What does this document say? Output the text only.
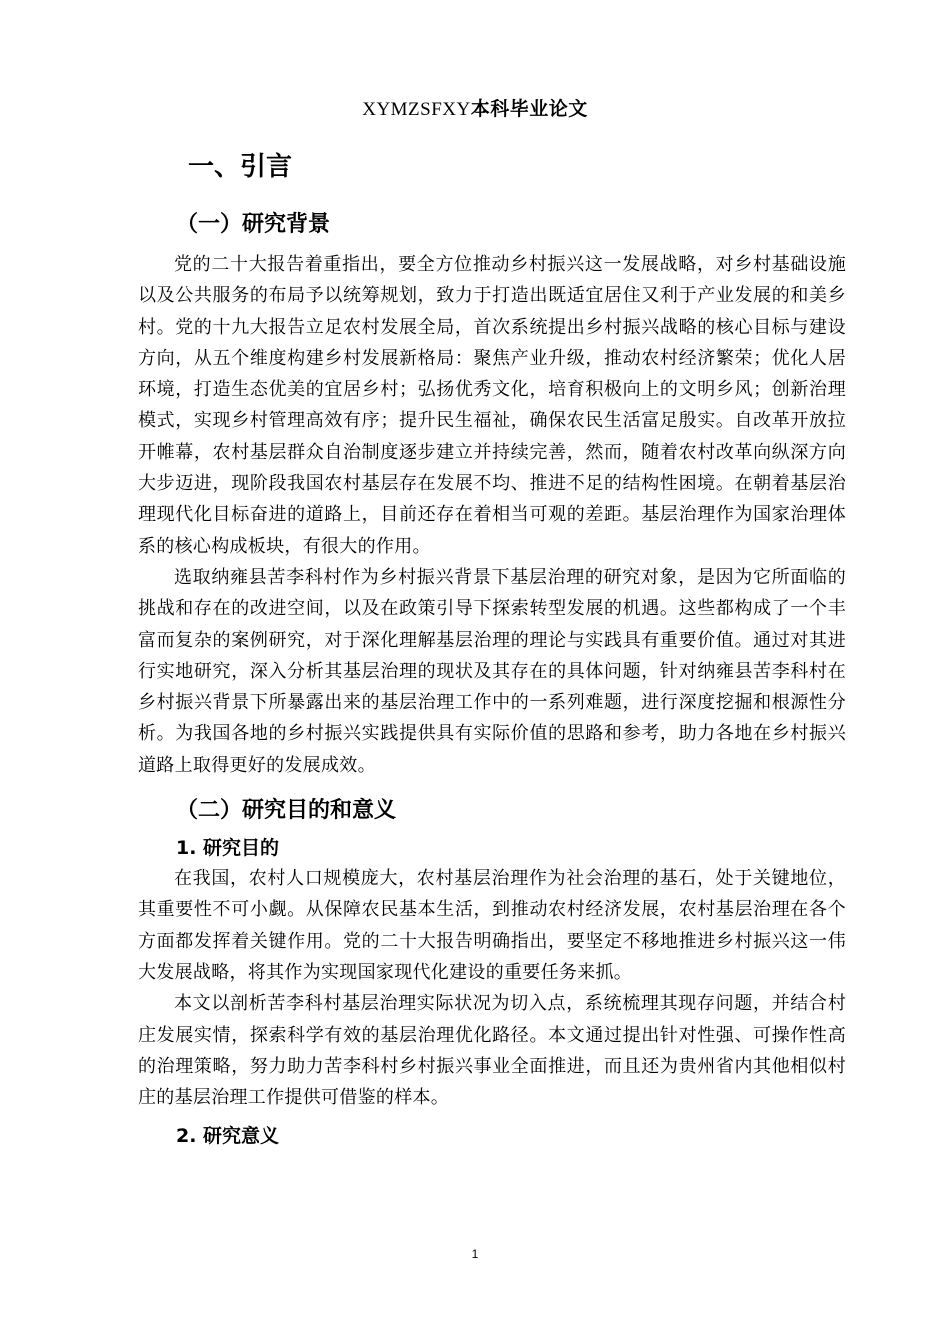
XYMZSFXY本科毕业论文
一、引言
（一）研究背景

党的二十大报告着重指出，要全方位推动乡村振兴这一发展战略，对乡村基础设施以及公共服务的布局予以统筹规划，致力于打造出既适宜居住又利于产业发展的和美乡村。党的十九大报告立足农村发展全局，首次系统提出乡村振兴战略的核心目标与建设方向，从五个维度构建乡村发展新格局：聚焦产业升级，推动农村经济繁荣；优化人居环境，打造生态优美的宜居乡村；弘扬优秀文化，培育积极向上的文明乡风；创新治理模式，实现乡村管理高效有序；提升民生福祉，确保农民生活富足殷实。自改革开放拉开帷幕，农村基层群众自治制度逐步建立并持续完善，然而，随着农村改革向纵深方向大步迈进，现阶段我国农村基层存在发展不均、推进不足的结构性困境。在朝着基层治理现代化目标奋进的道路上，目前还存在着相当可观的差距。基层治理作为国家治理体系的核心构成板块，有很大的作用。

选取纳雍县苦李科村作为乡村振兴背景下基层治理的研究对象，是因为它所面临的挑战和存在的改进空间，以及在政策引导下探索转型发展的机遇。这些都构成了一个丰富而复杂的案例研究，对于深化理解基层治理的理论与实践具有重要价值。通过对其进行实地研究，深入分析其基层治理的现状及其存在的具体问题，针对纳雍县苦李科村在乡村振兴背景下所暴露出来的基层治理工作中的一系列难题，进行深度挖掘和根源性分析。为我国各地的乡村振兴实践提供具有实际价值的思路和参考，助力各地在乡村振兴道路上取得更好的发展成效。

（二）研究目的和意义
1. 研究目的

在我国，农村人口规模庞大，农村基层治理作为社会治理的基石，处于关键地位，其重要性不可小觑。从保障农民基本生活，到推动农村经济发展，农村基层治理在各个方面都发挥着关键作用。党的二十大报告明确指出，要坚定不移地推进乡村振兴这一伟大发展战略，将其作为实现国家现代化建设的重要任务来抓。

本文以剖析苦李科村基层治理实际状况为切入点，系统梳理其现存问题，并结合村庄发展实情，探索科学有效的基层治理优化路径。本文通过提出针对性强、可操作性高的治理策略，努力助力苦李科村乡村振兴事业全面推进，而且还为贵州省内其他相似村庄的基层治理工作提供可借鉴的样本。

2. 研究意义
1
